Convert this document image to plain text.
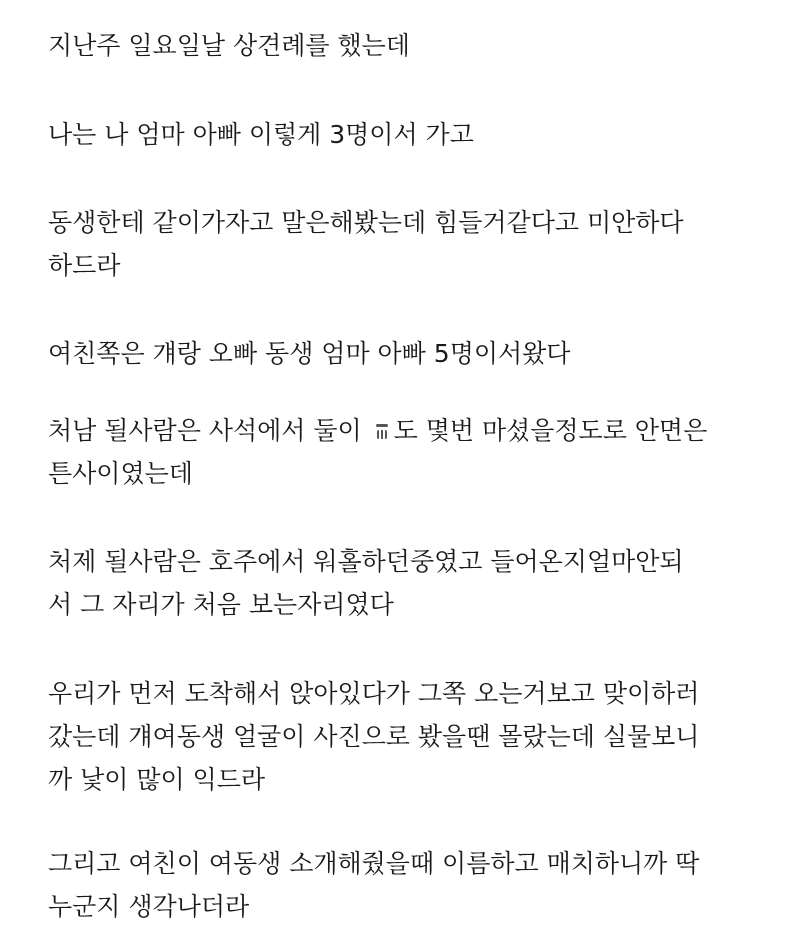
지난주 일요일날 상견례를 했는데

나는 나 엄마 아빠 이렇게 3명이서 가고

동생한테 같이가자고 말은해봤는데 힘들거같다고 미안하다
하드라

여친쪽은 걔랑 오빠 동생 엄마 아빠 5명이서왔다

처남 될사람은 사석에서 둘이 도 몇번 마셨을정도로 안면은
튼사이였는데

처제 될사람은 호주에서 워홀하던중였고 들어온지얼마안되
서 그 자리가 처음 보는자리였다

우리가 먼저 도착해서 앉아있다가 그쪽 오는거보고 맞이하러
갔는데 걔여동생 얼굴이 사진으로 봤을땐 몰랐는데 실물보니
까 낯이 많이 익드라

그리고 여친이 여동생 소개해줬을때 이름하고 매치하니까 딱
누군지 생각나더라
